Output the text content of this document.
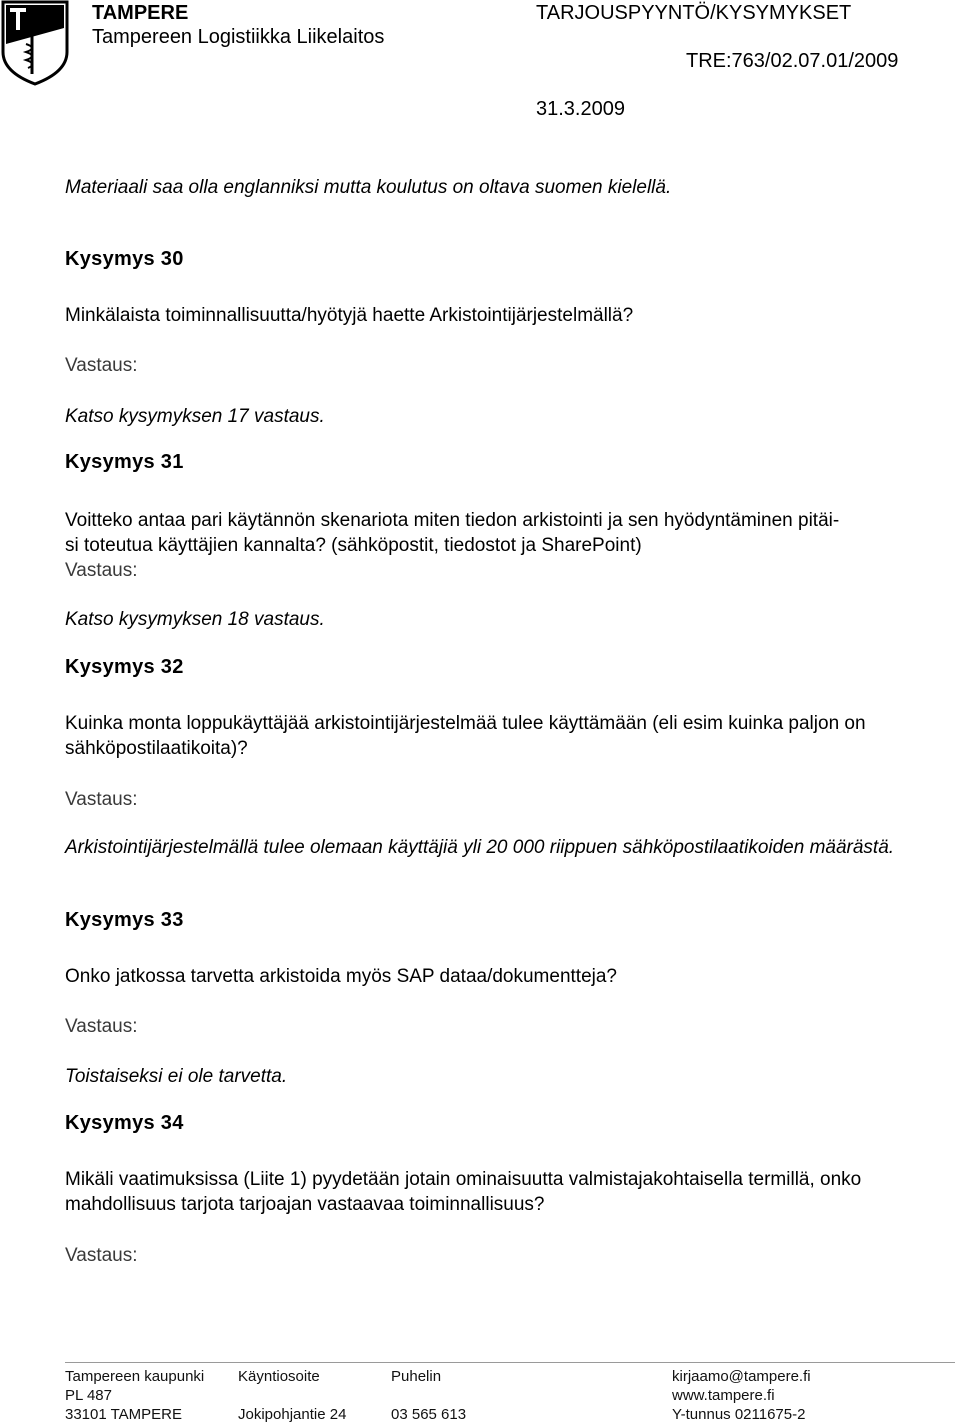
TAMPERE
Tampereen Logistiikka Liikelaitos
TARJOUSPYYNTÖ/KYSYMYKSET
TRE:763/02.07.01/2009
31.3.2009
Materiaali saa olla englanniksi mutta koulutus on oltava suomen kielellä.
Kysymys 30
Minkälaista toiminnallisuutta/hyötyjä haette Arkistointijärjestelmällä?
Vastaus:
Katso kysymyksen 17 vastaus.
Kysymys 31
Voitteko antaa pari käytännön skenariota miten tiedon arkistointi ja sen hyödyntäminen pitäi-
si toteutua käyttäjien kannalta? (sähköpostit, tiedostot ja SharePoint)
Vastaus:
Katso kysymyksen 18 vastaus.
Kysymys 32
Kuinka monta loppukäyttäjää arkistointijärjestelmää tulee käyttämään (eli esim kuinka paljon on sähköpostilaatikoita)?
Vastaus:
Arkistointijärjestelmällä tulee olemaan käyttäjiä yli 20 000 riippuen sähköpostilaatikoiden määrästä.
Kysymys 33
Onko jatkossa tarvetta arkistoida myös SAP dataa/dokumentteja?
Vastaus:
Toistaiseksi ei ole tarvetta.
Kysymys 34
Mikäli vaatimuksissa (Liite 1) pyydetään jotain ominaisuutta valmistajakohtaisella termillä, onko mahdollisuus tarjota tarjoajan vastaavaa toiminnallisuus?
Vastaus:
Tampereen kaupunki
PL 487
33101 TAMPERE
Käyntiosoite
Jokipohjantie 24
Puhelin
03 565 613
kirjaamo@tampere.fi
www.tampere.fi
Y-tunnus 0211675-2
